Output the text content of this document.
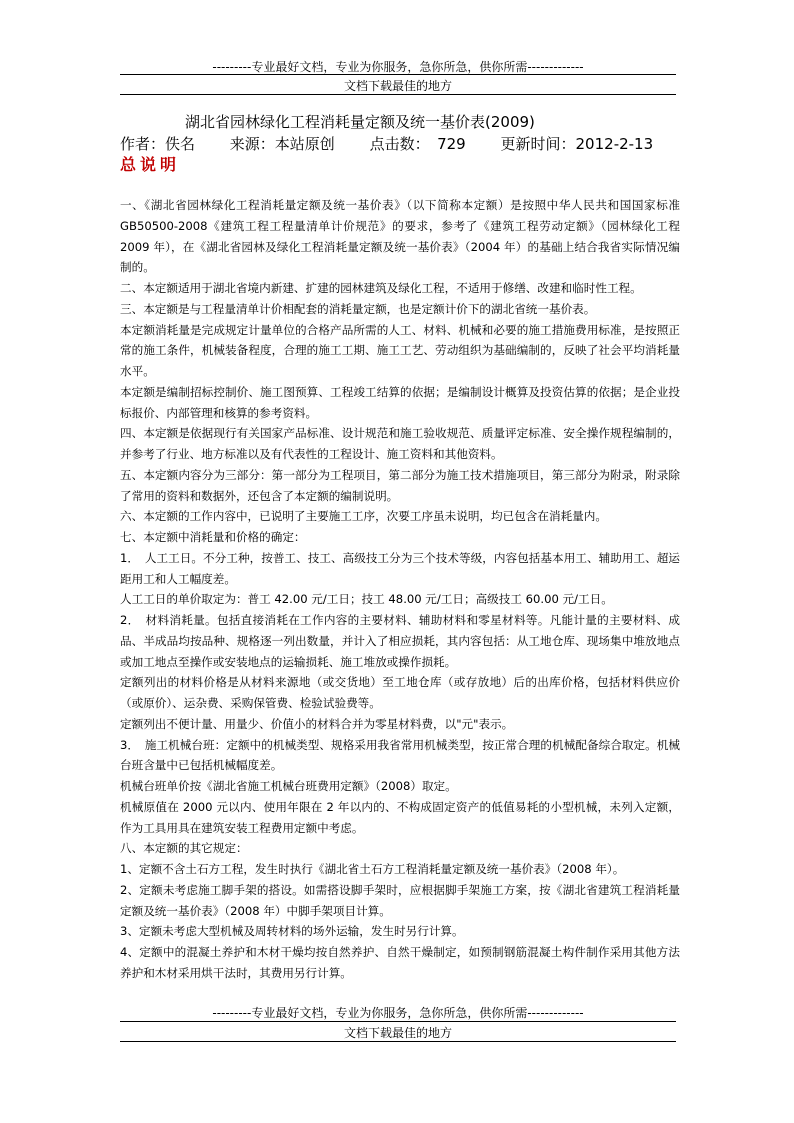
---------专业最好文档，专业为你服务，急你所急，供你所需-------------
文档下载最佳的地方
湖北省园林绿化工程消耗量定额及统一基价表(2009)
作者：佚名 来源：本站原创 点击数：　729 更新时间：2012-2-13
总说明

一、《湖北省园林绿化工程消耗量定额及统一基价表》（以下简称本定额）是按照中华人民共和国国家标准 GB50500-2008《建筑工程工程量清单计价规范》的要求，参考了《建筑工程劳动定额》（园林绿化工程 2009 年），在《湖北省园林及绿化工程消耗量定额及统一基价表》（2004 年）的基础上结合我省实际情况编制的。

二、本定额适用于湖北省境内新建、扩建的园林建筑及绿化工程，不适用于修缮、改建和临时性工程。

三、本定额是与工程量清单计价相配套的消耗量定额，也是定额计价下的湖北省统一基价表。

本定额消耗量是完成规定计量单位的合格产品所需的人工、材料、机械和必要的施工措施费用标准，是按照正常的施工条件，机械装备程度，合理的施工工期、施工工艺、劳动组织为基础编制的，反映了社会平均消耗量水平。

本定额是编制招标控制价、施工图预算、工程竣工结算的依据；是编制设计概算及投资估算的依据；是企业投标报价、内部管理和核算的参考资料。

四、本定额是依据现行有关国家产品标准、设计规范和施工验收规范、质量评定标准、安全操作规程编制的，并参考了行业、地方标准以及有代表性的工程设计、施工资料和其他资料。

五、本定额内容分为三部分：第一部分为工程项目，第二部分为施工技术措施项目，第三部分为附录，附录除了常用的资料和数据外，还包含了本定额的编制说明。

六、本定额的工作内容中，已说明了主要施工工序，次要工序虽未说明，均已包含在消耗量内。

七、本定额中消耗量和价格的确定：

1．　人工工日。不分工种，按普工、技工、高级技工分为三个技术等级，内容包括基本用工、辅助用工、超运距用工和人工幅度差。

人工工日的单价取定为：普工 42.00 元/工日；技工 48.00 元/工日；高级技工 60.00 元/工日。

2．　材料消耗量。包括直接消耗在工作内容的主要材料、辅助材料和零星材料等。凡能计量的主要材料、成品、半成品均按品种、规格逐一列出数量，并计入了相应损耗，其内容包括：从工地仓库、现场集中堆放地点或加工地点至操作或安装地点的运输损耗、施工堆放或操作损耗。

定额列出的材料价格是从材料来源地（或交货地）至工地仓库（或存放地）后的出库价格，包括材料供应价（或原价）、运杂费、采购保管费、检验试验费等。

定额列出不便计量、用量少、价值小的材料合并为零星材料费，以"元"表示。

3．　施工机械台班：定额中的机械类型、规格采用我省常用机械类型，按正常合理的机械配备综合取定。机械台班含量中已包括机械幅度差。

机械台班单价按《湖北省施工机械台班费用定额》（2008）取定。

机械原值在 2000 元以内、使用年限在 2 年以内的、不构成固定资产的低值易耗的小型机械，未列入定额，作为工具用具在建筑安装工程费用定额中考虑。

八、本定额的其它规定：

1、定额不含土石方工程，发生时执行《湖北省土石方工程消耗量定额及统一基价表》（2008 年）。

2、定额未考虑施工脚手架的搭设。如需搭设脚手架时，应根据脚手架施工方案，按《湖北省建筑工程消耗量定额及统一基价表》（2008 年）中脚手架项目计算。

3、定额未考虑大型机械及周转材料的场外运输，发生时另行计算。

4、定额中的混凝土养护和木材干燥均按自然养护、自然干燥制定，如预制钢筋混凝土构件制作采用其他方法养护和木材采用烘干法时，其费用另行计算。

---------专业最好文档，专业为你服务，急你所急，供你所需-------------
文档下载最佳的地方
